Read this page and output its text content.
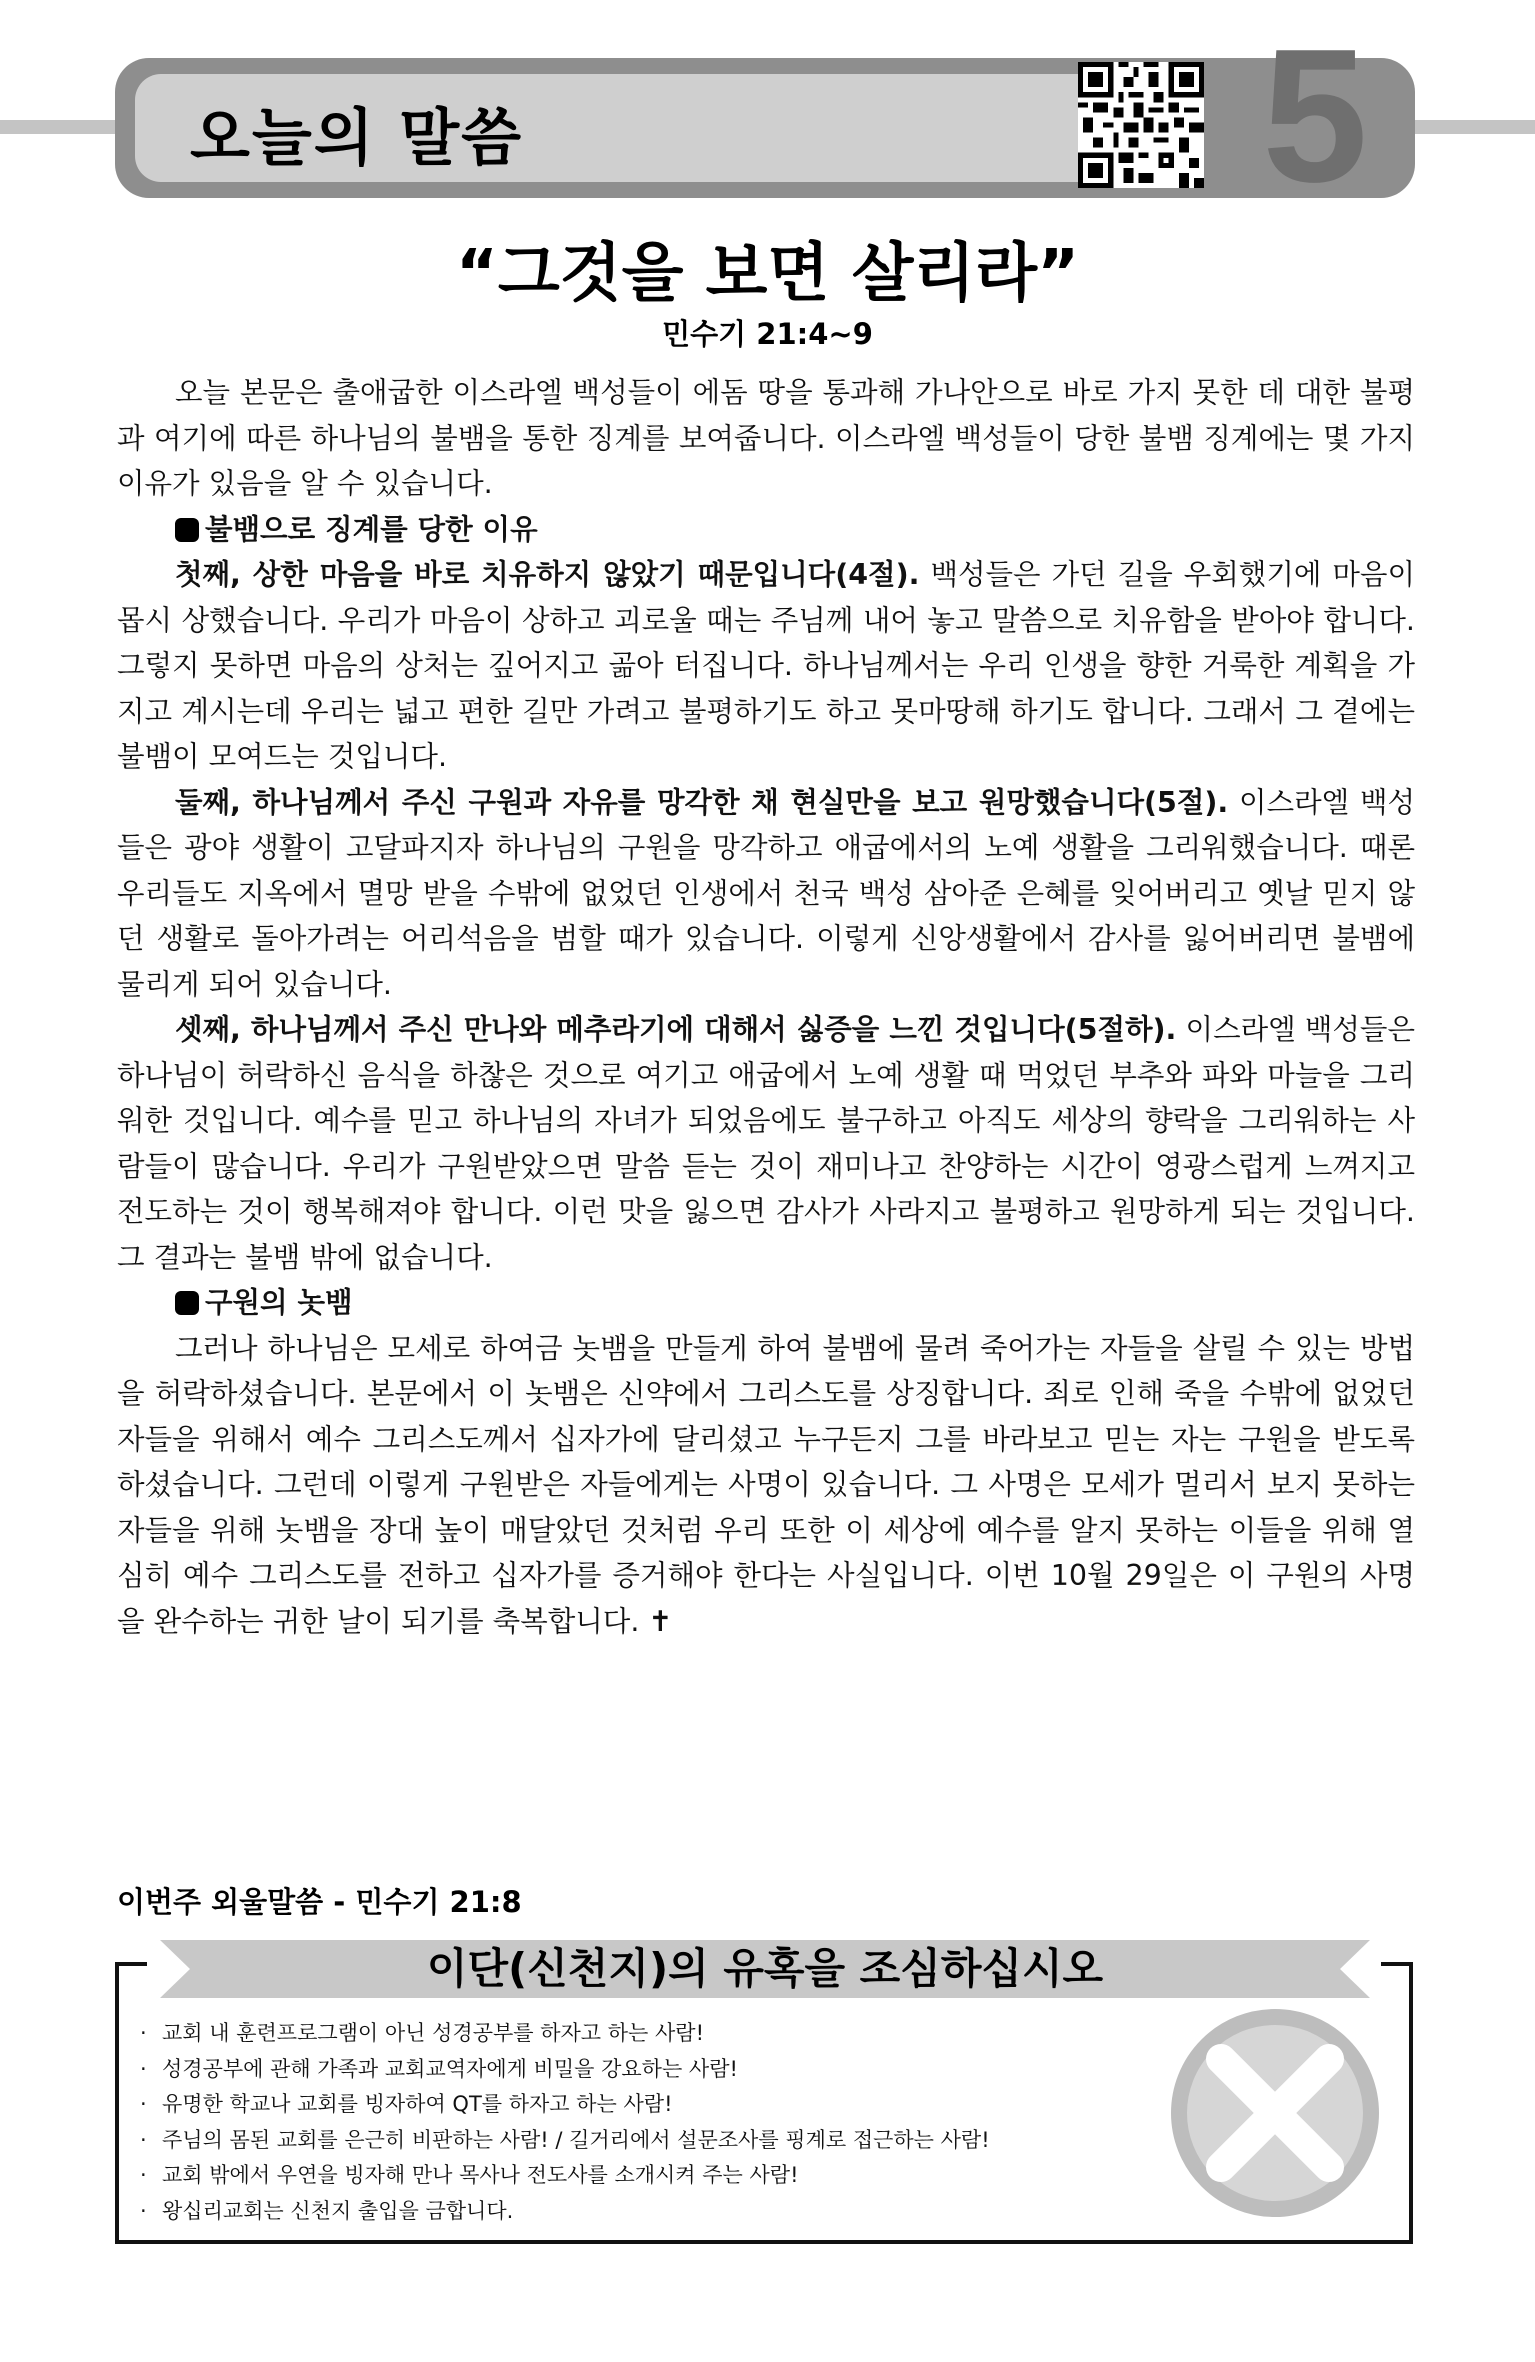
오늘의 말씀	5
“그것을 보면 살리라”
민수기 21:4~9

오늘 본문은 출애굽한 이스라엘 백성들이 에돔 땅을 통과해 가나안으로 바로 가지 못한 데 대한 불평과 여기에 따른 하나님의 불뱀을 통한 징계를 보여줍니다. 이스라엘 백성들이 당한 불뱀 징계에는 몇 가지 이유가 있음을 알 수 있습니다.

불뱀으로 징계를 당한 이유

첫째, 상한 마음을 바로 치유하지 않았기 때문입니다(4절). 백성들은 가던 길을 우회했기에 마음이 몹시 상했습니다. 우리가 마음이 상하고 괴로울 때는 주님께 내어 놓고 말씀으로 치유함을 받아야 합니다. 그렇지 못하면 마음의 상처는 깊어지고 곪아 터집니다. 하나님께서는 우리 인생을 향한 거룩한 계획을 가지고 계시는데 우리는 넓고 편한 길만 가려고 불평하기도 하고 못마땅해 하기도 합니다. 그래서 그 곁에는 불뱀이 모여드는 것입니다.

둘째, 하나님께서 주신 구원과 자유를 망각한 채 현실만을 보고 원망했습니다(5절). 이스라엘 백성들은 광야 생활이 고달파지자 하나님의 구원을 망각하고 애굽에서의 노예 생활을 그리워했습니다. 때론 우리들도 지옥에서 멸망 받을 수밖에 없었던 인생에서 천국 백성 삼아준 은혜를 잊어버리고 옛날 믿지 않던 생활로 돌아가려는 어리석음을 범할 때가 있습니다. 이렇게 신앙생활에서 감사를 잃어버리면 불뱀에 물리게 되어 있습니다.

셋째, 하나님께서 주신 만나와 메추라기에 대해서 싫증을 느낀 것입니다(5절하). 이스라엘 백성들은 하나님이 허락하신 음식을 하찮은 것으로 여기고 애굽에서 노예 생활 때 먹었던 부추와 파와 마늘을 그리워한 것입니다. 예수를 믿고 하나님의 자녀가 되었음에도 불구하고 아직도 세상의 향락을 그리워하는 사람들이 많습니다. 우리가 구원받았으면 말씀 듣는 것이 재미나고 찬양하는 시간이 영광스럽게 느껴지고 전도하는 것이 행복해져야 합니다. 이런 맛을 잃으면 감사가 사라지고 불평하고 원망하게 되는 것입니다. 그 결과는 불뱀 밖에 없습니다.

구원의 놋뱀

그러나 하나님은 모세로 하여금 놋뱀을 만들게 하여 불뱀에 물려 죽어가는 자들을 살릴 수 있는 방법을 허락하셨습니다. 본문에서 이 놋뱀은 신약에서 그리스도를 상징합니다. 죄로 인해 죽을 수밖에 없었던 자들을 위해서 예수 그리스도께서 십자가에 달리셨고 누구든지 그를 바라보고 믿는 자는 구원을 받도록 하셨습니다. 그런데 이렇게 구원받은 자들에게는 사명이 있습니다. 그 사명은 모세가 멀리서 보지 못하는 자들을 위해 놋뱀을 장대 높이 매달았던 것처럼 우리 또한 이 세상에 예수를 알지 못하는 이들을 위해 열심히 예수 그리스도를 전하고 십자가를 증거해야 한다는 사실입니다. 이번 10월 29일은 이 구원의 사명을 완수하는 귀한 날이 되기를 축복합니다. ✝

이번주 외울말씀 - 민수기 21:8
이단(신천지)의 유혹을 조심하십시오
· 교회 내 훈련프로그램이 아닌 성경공부를 하자고 하는 사람!
· 성경공부에 관해 가족과 교회교역자에게 비밀을 강요하는 사람!
· 유명한 학교나 교회를 빙자하여 QT를 하자고 하는 사람!
· 주님의 몸된 교회를 은근히 비판하는 사람! / 길거리에서 설문조사를 핑계로 접근하는 사람!
· 교회 밖에서 우연을 빙자해 만나 목사나 전도사를 소개시켜 주는 사람!
· 왕십리교회는 신천지 출입을 금합니다.
